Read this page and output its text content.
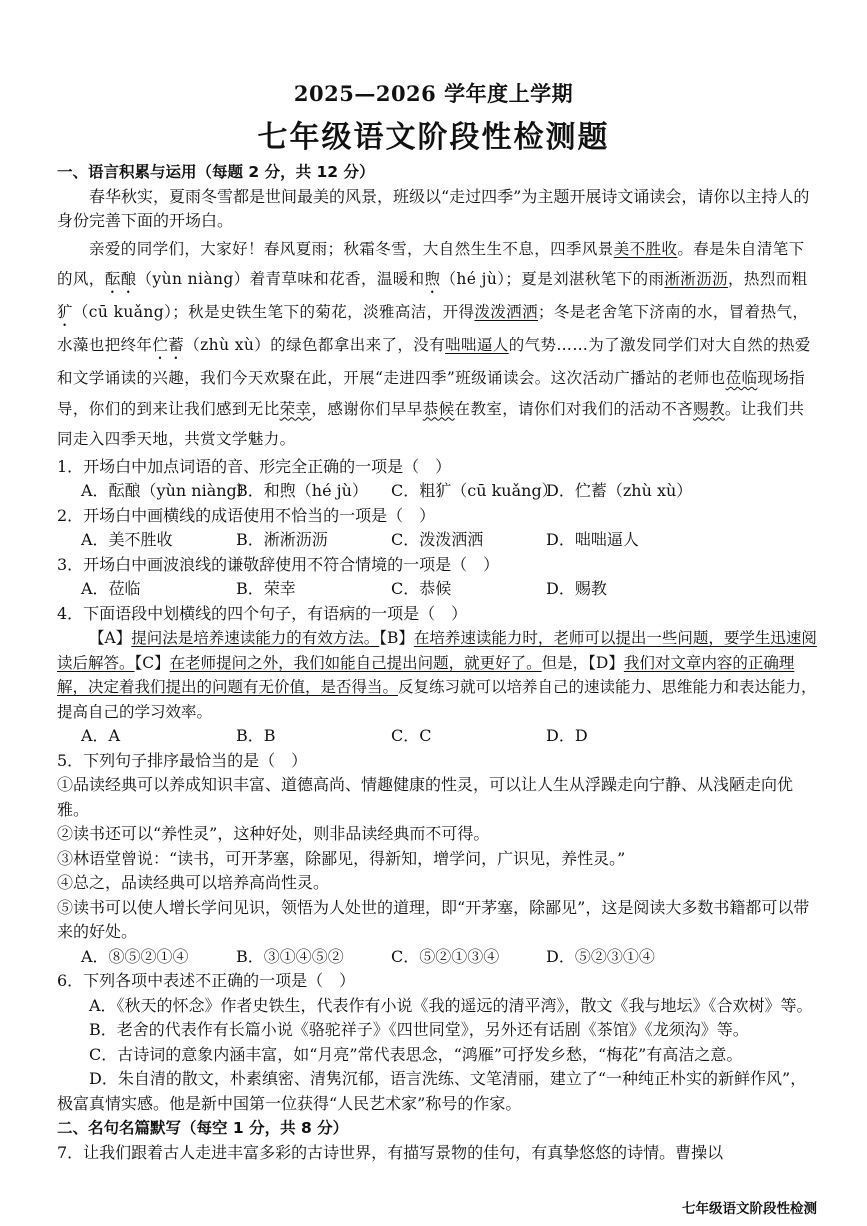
2025—2026 学年度上学期
七年级语文阶段性检测题

一、语言积累与运用（每题 2 分，共 12 分）

春华秋实，夏雨冬雪都是世间最美的风景，班级以“走过四季”为主题开展诗文诵读会，请你以主持人的身份完善下面的开场白。

亲爱的同学们，大家好！春风夏雨；秋霜冬雪，大自然生生不息，四季风景美不胜收。春是朱自清笔下的风，酝酿（yùn niàng）着青草味和花香，温暖和煦（hé jù）；夏是刘湛秋笔下的雨淅淅沥沥，热烈而粗犷（cū kuǎng）；秋是史铁生笔下的菊花，淡雅高洁，开得泼泼洒洒；冬是老舍笔下济南的水，冒着热气，水藻也把终年伫蓄（zhù xù）的绿色都拿出来了，没有咄咄逼人的气势……为了激发同学们对大自然的热爱和文学诵读的兴趣，我们今天欢聚在此，开展“走进四季”班级诵读会。这次活动广播站的老师也莅临现场指导，你们的到来让我们感到无比荣幸，感谢你们早早恭候在教室，请你们对我们的活动不吝赐教。让我们共同走入四季天地，共赏文学魅力。

1．开场白中加点词语的音、形完全正确的一项是（　）

A．酝酿（yùn niàng）
B．和煦（hé jù）	C．粗犷（cū kuǎng）
D．伫蓄（zhù xù）

2．开场白中画横线的成语使用不恰当的一项是（　）

A．美不胜收	B．淅淅沥沥	C．泼泼洒洒	D．咄咄逼人

3．开场白中画波浪线的谦敬辞使用不符合情境的一项是（　）

A．莅临	B．荣幸	C．恭候	D．赐教

4．下面语段中划横线的四个句子，有语病的一项是（　）

【A】提问法是培养速读能力的有效方法。【B】在培养速读能力时，老师可以提出一些问题，要学生迅速阅读后解答。【C】在老师提问之外，我们如能自己提出问题，就更好了。但是，【D】我们对文章内容的正确理解，决定着我们提出的问题有无价值，是否得当。反复练习就可以培养自己的速读能力、思维能力和表达能力，提高自己的学习效率。

A．A	B．B	C．C	D．D

5．下列句子排序最恰当的是（　）

①品读经典可以养成知识丰富、道德高尚、情趣健康的性灵，可以让人生从浮躁走向宁静、从浅陋走向优雅。

②读书还可以“养性灵”，这种好处，则非品读经典而不可得。

③林语堂曾说：“读书，可开茅塞，除鄙见，得新知，增学问，广识见，养性灵。”

④总之，品读经典可以培养高尚性灵。

⑤读书可以使人增长学问见识，领悟为人处世的道理，即“开茅塞，除鄙见”，这是阅读大多数书籍都可以带来的好处。

A．⑧⑤②①④	B．③①④⑤②	C．⑤②①③④	D．⑤②③①④

6．下列各项中表述不正确的一项是（　）

A．《秋天的怀念》作者史铁生，代表作有小说《我的遥远的清平湾》，散文《我与地坛》《合欢树》等。

B．老舍的代表作有长篇小说《骆驼祥子》《四世同堂》，另外还有话剧《茶馆》《龙须沟》等。

C．古诗词的意象内涵丰富，如“月亮”常代表思念，“鸿雁”可抒发乡愁，“梅花”有高洁之意。

D．朱自清的散文，朴素缜密、清隽沉郁，语言洗练、文笔清丽，建立了“一种纯正朴实的新鲜作风”，极富真情实感。他是新中国第一位获得“人民艺术家”称号的作家。

二、名句名篇默写（每空 1 分，共 8 分）

7．让我们跟着古人走进丰富多彩的古诗世界，有描写景物的佳句，有真挚悠悠的诗情。曹操以

七年级语文阶段性检测
